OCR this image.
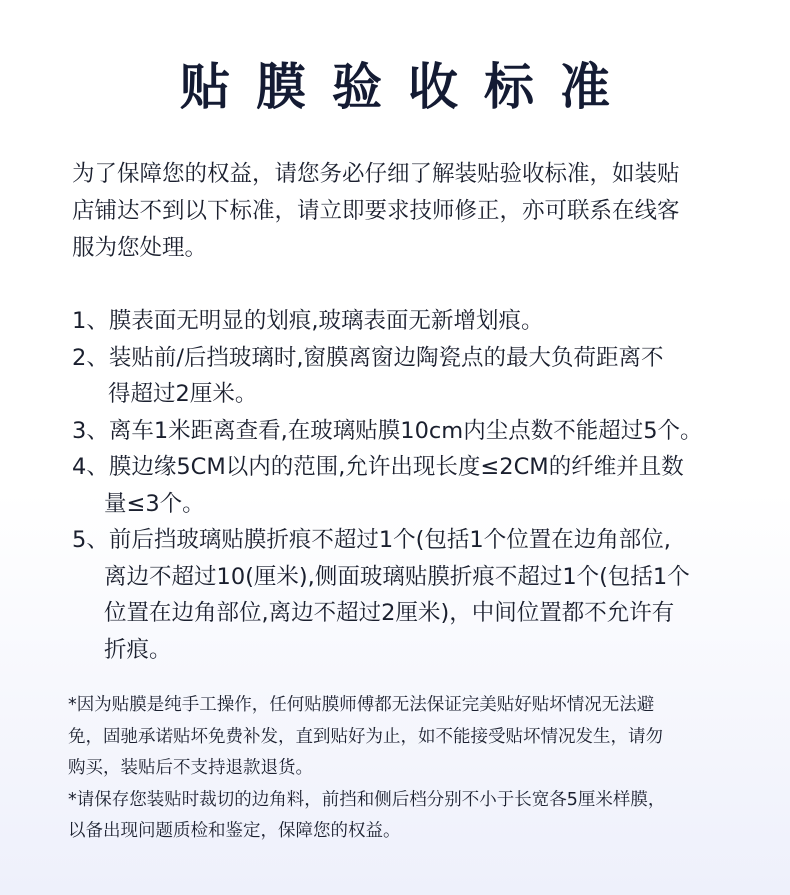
贴膜验收标准
为了保障您的权益，请您务必仔细了解装贴验收标准，如装贴
店铺达不到以下标准，请立即要求技师修正，亦可联系在线客
服为您处理。
1、膜表面无明显的划痕,玻璃表面无新增划痕。
2、装贴前/后挡玻璃时,窗膜离窗边陶瓷点的最大负荷距离不
得超过2厘米。
3、离车1米距离查看,在玻璃贴膜10cm内尘点数不能超过5个。
4、膜边缘5CM以内的范围,允许出现长度≤2CM的纤维并且数
量≤3个。
5、前后挡玻璃贴膜折痕不超过1个(包括1个位置在边角部位,
离边不超过10(厘米),侧面玻璃贴膜折痕不超过1个(包括1个
位置在边角部位,离边不超过2厘米)，中间位置都不允许有
折痕。
*因为贴膜是纯手工操作，任何贴膜师傅都无法保证完美贴好贴坏情况无法避
免，固驰承诺贴坏免费补发，直到贴好为止，如不能接受贴坏情况发生，请勿
购买，装贴后不支持退款退货。
*请保存您装贴时裁切的边角料，前挡和侧后档分别不小于长宽各5厘米样膜，
以备出现问题质检和鉴定，保障您的权益。
